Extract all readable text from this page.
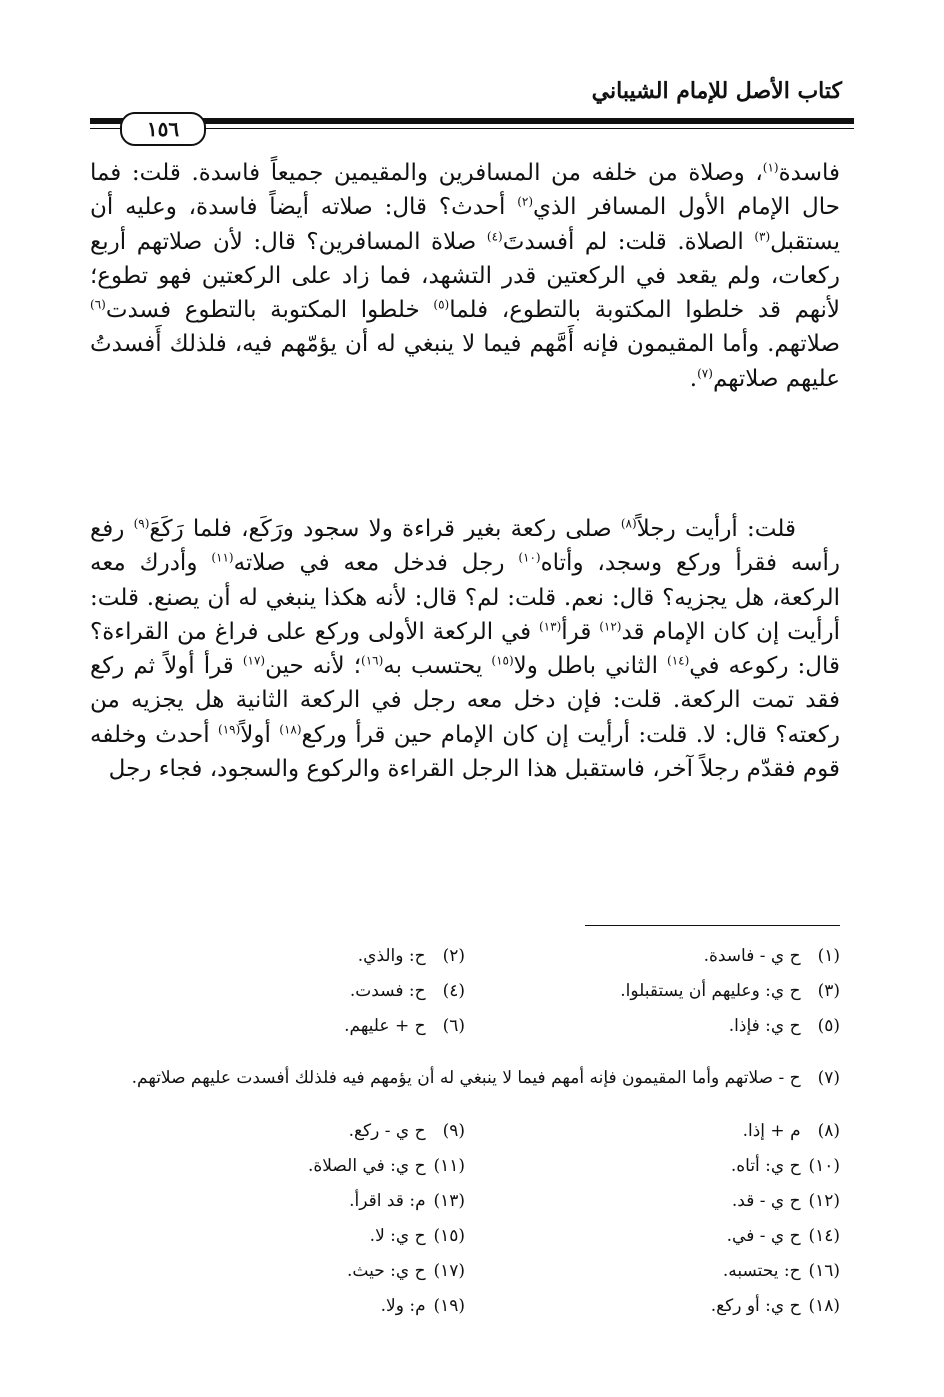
كتاب الأصل للإمام الشيباني
١٥٦

فاسدة$^{(١)}$، وصلاة من خلفه من المسافرين والمقيمين جميعاً فاسدة. قلت: فما حال الإمام الأول المسافر الذي$^{(٢)}$ أحدث؟ قال: صلاته أيضاً فاسدة، وعليه أن يستقبل$^{(٣)}$ الصلاة. قلت: لم أفسدتَ$^{(٤)}$ صلاة المسافرين؟ قال: لأن صلاتهم أربع ركعات، ولم يقعد في الركعتين قدر التشهد، فما زاد على الركعتين فهو تطوع؛ لأنهم قد خلطوا المكتوبة بالتطوع، فلما$^{(٥)}$ خلطوا المكتوبة بالتطوع فسدت$^{(٦)}$ صلاتهم. وأما المقيمون فإنه أَمَّهم فيما لا ينبغي له أن يؤمّهم فيه، فلذلك أَفسدتُ عليهم صلاتهم$^{(٧)}$.

قلت: أرأيت رجلاً$^{(٨)}$ صلى ركعة بغير قراءة ولا سجود ورَكَع، فلما رَكَعَ$^{(٩)}$ رفع رأسه فقرأ وركع وسجد، وأتاه$^{(١٠)}$ رجل فدخل معه في صلاته$^{(١١)}$ وأدرك معه الركعة، هل يجزيه؟ قال: نعم. قلت: لم؟ قال: لأنه هكذا ينبغي له أن يصنع. قلت: أرأيت إن كان الإمام قد$^{(١٢)}$ قرأ$^{(١٣)}$ في الركعة الأولى وركع على فراغ من القراءة؟ قال: ركوعه في$^{(١٤)}$ الثاني باطل ولا$^{(١٥)}$ يحتسب به$^{(١٦)}$؛ لأنه حين$^{(١٧)}$ قرأ أولاً ثم ركع فقد تمت الركعة. قلت: فإن دخل معه رجل في الركعة الثانية هل يجزيه من ركعته؟ قال: لا. قلت: أرأيت إن كان الإمام حين قرأ وركع$^{(١٨)}$ أولاً$^{(١٩)}$ أحدث وخلفه قوم فقدّم رجلاً آخر، فاستقبل هذا الرجل القراءة والركوع والسجود، فجاء رجل

(١) ح ي - فاسدة.
(٢) ح: والذي.
(٣) ح ي: وعليهم أن يستقبلوا.
(٤) ح: فسدت.
(٥) ح ي: فإذا.
(٦) ح + عليهم.
(٧) ح - صلاتهم وأما المقيمون فإنه أمهم فيما لا ينبغي له أن يؤمهم فيه فلذلك أفسدت عليهم صلاتهم.
(٨) م + إذا.
(٩) ح ي - ركع.
(١٠) ح ي: أتاه.
(١١) ح ي: في الصلاة.
(١٢) ح ي - قد.
(١٣) م: قد اقرأ.
(١٤) ح ي - في.
(١٥) ح ي: لا.
(١٦) ح: يحتسبه.
(١٧) ح ي: حيث.
(١٨) ح ي: أو ركع.
(١٩) م: ولا.
